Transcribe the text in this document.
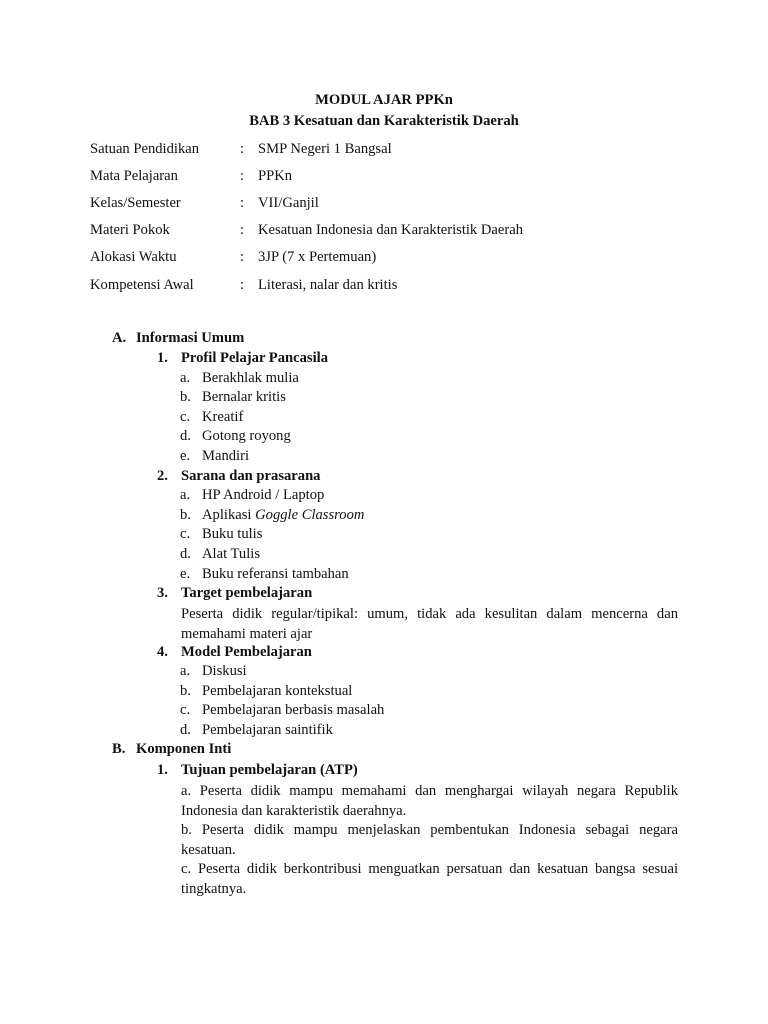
MODUL AJAR PPKn
BAB 3 Kesatuan dan Karakteristik Daerah
Satuan Pendidikan	: SMP Negeri 1 Bangsal
Mata Pelajaran	: PPKn
Kelas/Semester	: VII/Ganjil
Materi Pokok	: Kesatuan Indonesia dan Karakteristik Daerah
Alokasi Waktu	: 3JP (7 x Pertemuan)
Kompetensi Awal	: Literasi, nalar dan kritis
A. Informasi Umum
1. Profil Pelajar Pancasila
a. Berakhlak mulia
b. Bernalar kritis
c. Kreatif
d. Gotong royong
e. Mandiri
2. Sarana dan prasarana
a. HP Android / Laptop
b. Aplikasi Goggle Classroom
c. Buku tulis
d. Alat Tulis
e. Buku referansi tambahan
3. Target pembelajaran
Peserta didik regular/tipikal: umum, tidak ada kesulitan dalam mencerna dan
memahami materi ajar
4. Model Pembelajaran
a. Diskusi
b. Pembelajaran kontekstual
c. Pembelajaran berbasis masalah
d. Pembelajaran saintifik
B. Komponen Inti
1. Tujuan pembelajaran (ATP)
a. Peserta didik mampu memahami dan menghargai wilayah negara Republik
Indonesia dan karakteristik daerahnya.
b. Peserta didik mampu menjelaskan pembentukan Indonesia sebagai negara
kesatuan.
c. Peserta didik berkontribusi menguatkan persatuan dan kesatuan bangsa sesuai
tingkatnya.
